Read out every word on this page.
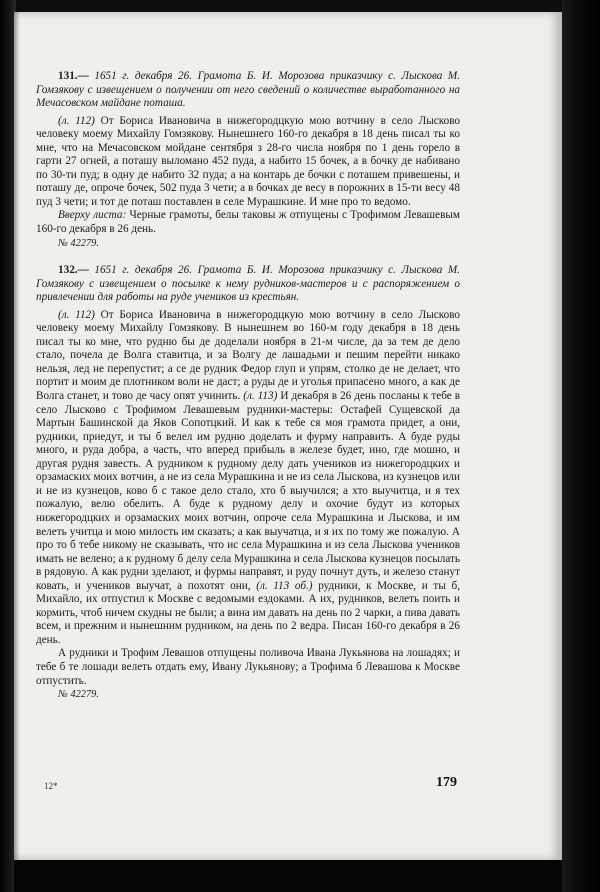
131.— 1651 г. декабря 26. Грамота Б. И. Морозова приказчику с. Лыскова М. Гомзякову с извещением о получении от него сведений о количестве выработанного на Мечасовском майдане поташа.

(л. 112) От Бориса Ивановича в нижегородцкую мою вотчину в село Лысково человеку моему Михайлу Гомзякову. Нынешнего 160-го декабря в 18 день писал ты ко мне, что на Мечасовском мойдане сентября з 28-го числа ноября по 1 день горело в гарти 27 огней, а поташу выломано 452 пуда, а набито 15 бочек, а в бочку де набивано по 30-ти пуд; в одну де набито 32 пуда; а на контарь де бочки с поташем привешены, и поташу де, опроче бочек, 502 пуда 3 чети; а в бочках де весу в порожних в 15-ти весу 48 пуд 3 чети; и тот де поташ поставлен в селе Мурашкине. И мне про то ведомо.

Вверху листа: Черные грамоты, белы таковы ж отпущены с Трофимом Левашевым 160-го декабря в 26 день.

№ 42279.

132.— 1651 г. декабря 26. Грамота Б. И. Морозова приказчику с. Лыскова М. Гомзякову с извещением о посылке к нему рудников-мастеров и с распоряжением о привлечении для работы на руде учеников из крестьян.

(л. 112) От Бориса Ивановича в нижегородцкую мою вотчину в село Лысково человеку моему Михайлу Гомзякову. В нынешнем во 160-м году декабря в 18 день писал ты ко мне, что рудню бы де доделали ноября в 21-м числе, да за тем де дело стало, почела де Волга ставитца, и за Волгу де лашадьми и пешим перейти никако нельзя, лед не перепустит; а се де рудник Федор глуп и упрям, столко де не делает, что портит и моим де плотником воли не даст; а руды де и уголья припасено много, а как де Волга станет, и тово де часу опят учинить. (л. 113) И декабря в 26 день посланы к тебе в село Лысково с Трофимом Левашевым рудники-мастеры: Остафей Сущевской да Мартын Башинской да Яков Сопотцкий. И как к тебе ся моя грамота придет, а они, рудники, приедут, и ты б велел им рудню доделать и фурму направить. А буде руды много, и руда добра, а часть, что вперед прибыль в железе будет, ино, где мошно, и другая рудня завесть. А рудником к рудному делу дать учеников из нижегородцких и орзамаских моих вотчин, а не из села Мурашкина и не из села Лыскова, из кузнецов или и не из кузнецов, ково б с такое дело стало, хто б выучился; а хто выучитца, и я тех пожалую, велю обелить. А буде к рудному делу и охочие будут из которых нижегородцких и орзамаских моих вотчин, опроче села Мурашкина и Лыскова, и им велеть учитца и мою милость им сказать; а как выучатца, и я их по тому же пожалую. А про то б тебе никому не сказывать, что ис села Мурашкина и из села Лыскова учеников имать не велено; а к рудному б делу села Мурашкина и села Лыскова кузнецов посылать в рядовую. А как рудни зделают, и фурмы направят, и руду почнут дуть, и железо станут ковать, и учеников выучат, а похотят они, (л. 113 об.) рудники, к Москве, и ты б, Михайло, их отпустил к Москве с ведомыми ездоками. А их, рудников, велеть поить и кормить, чтоб ничем скудны не были; а вина им давать на день по 2 чарки, а пива давать всем, и прежним и нынешним рудником, на день по 2 ведра. Писан 160-го декабря в 26 день.

А рудники и Трофим Левашов отпущены поливоча Ивана Лукьянова на лошадях; и тебе б те лошади велеть отдать ему, Ивану Лукьянову; а Трофима б Левашова к Москве отпустить.

№ 42279.

12*	179
